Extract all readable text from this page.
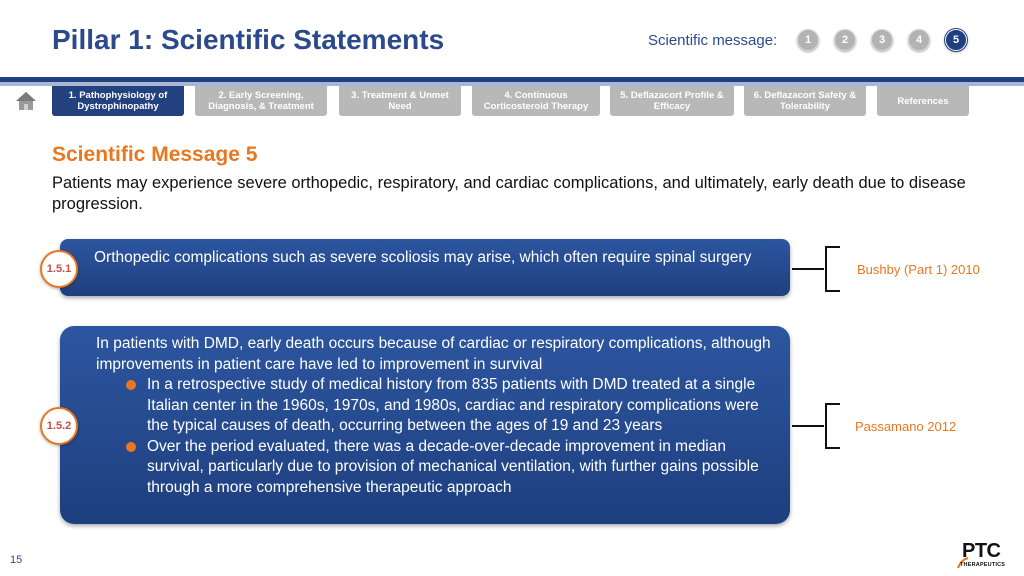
Pillar 1: Scientific Statements	Scientific message:	1	2	3	4	5
1. Pathophysiology of Dystrophinopathy
2. Early Screening, Diagnosis, & Treatment
3. Treatment & Unmet Need
4. Continuous Corticosteroid Therapy
5. Deflazacort Profile & Efficacy
6. Deflazacort Safety & Tolerability	References
Scientific Message 5
Patients may experience severe orthopedic, respiratory, and cardiac complications, and ultimately, early death due to disease progression.
Orthopedic complications such as severe scoliosis may arise, which often require spinal surgery
1.5.1	Bushby (Part 1) 2010
In patients with DMD, early death occurs because of cardiac or respiratory complications, although improvements in patient care have led to improvement in survival
In a retrospective study of medical history from 835 patients with DMD treated at a single Italian center in the 1960s, 1970s, and 1980s, cardiac and respiratory complications were the typical causes of death, occurring between the ages of 19 and 23 years
Over the period evaluated, there was a decade-over-decade improvement in median survival, particularly due to provision of mechanical ventilation, with further gains possible through a more comprehensive therapeutic approach
1.5.2	Passamano 2012
15	PTC
THERAPEUTICS
